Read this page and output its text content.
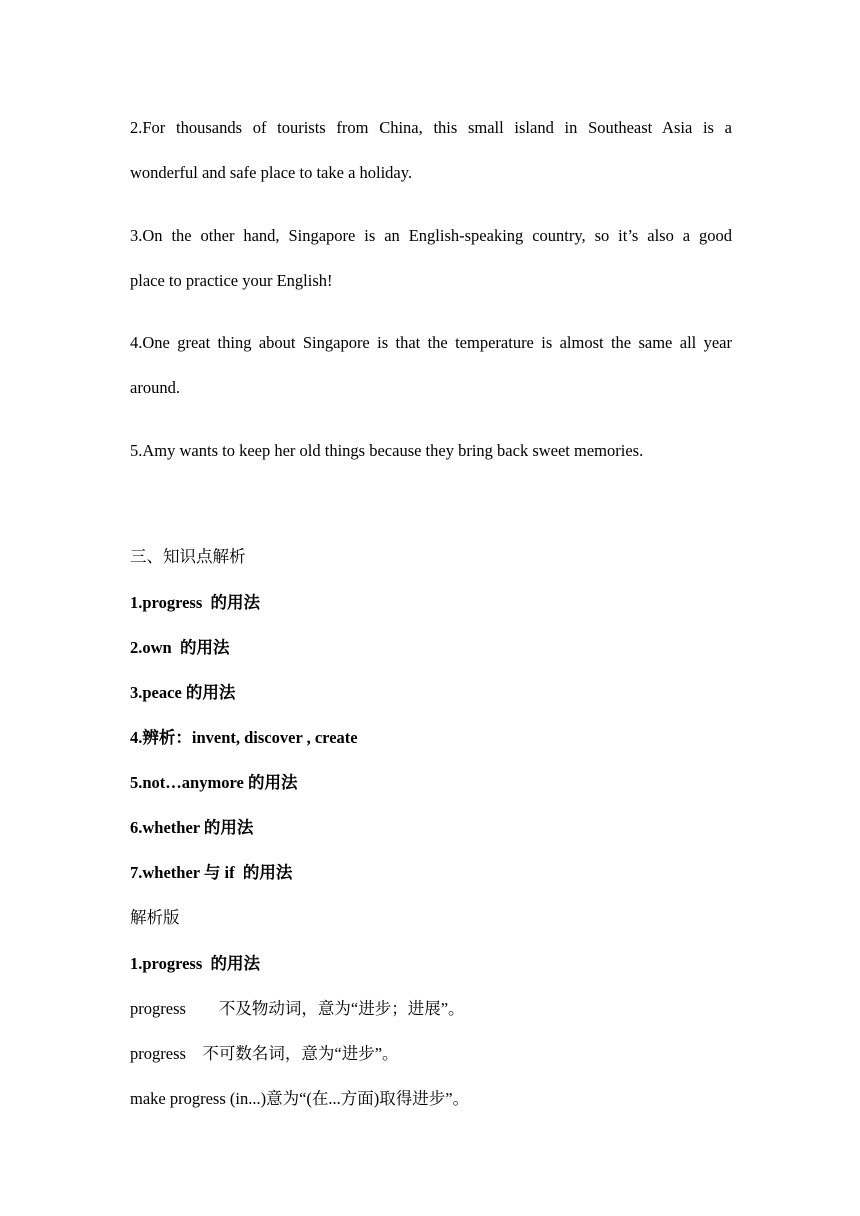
2.For thousands of tourists from China, this small island in Southeast Asia is a
wonderful and safe place to take a holiday.
3.On the other hand, Singapore is an English-speaking country, so it’s also a good
place to practice your English!
4.One great thing about Singapore is that the temperature is almost the same all year
around.
5.Amy wants to keep her old things because they bring back sweet memories.
三、知识点解析
1.progress  的用法
2.own  的用法
3.peace 的用法
4.辨析：invent, discover , create
5.not…anymore 的用法
6.whether 的用法
7.whether 与 if  的用法
解析版
1.progress  的用法
progress        不及物动词，意为“进步；进展”。
progress    不可数名词，意为“进步”。
make progress (in...)意为“(在...方面)取得进步”。
